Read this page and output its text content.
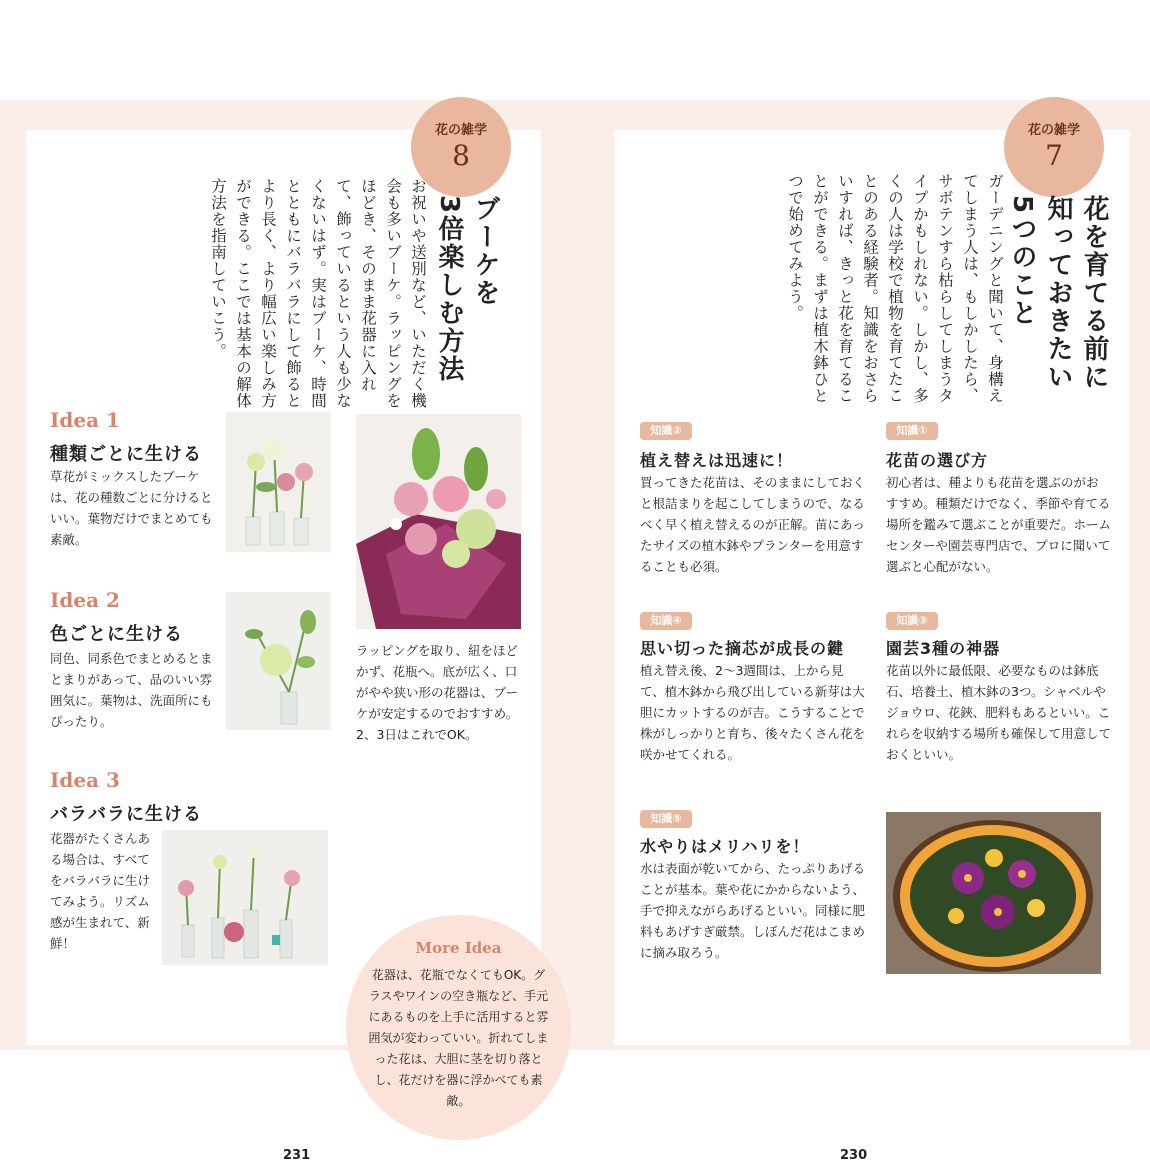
花の雑学
8
ブーケを
3倍楽しむ方法

お祝いや送別など、いただく機会も多いブーケ。ラッピングをほどき、そのまま花器に入れて、飾っているという人も少なくないはず。実はブーケ、時間とともにバラバラにして飾るとより長く、より幅広い楽しみ方ができる。ここでは基本の解体方法を指南していこう。

Idea 1
種類ごとに生ける

草花がミックスしたブーケは、花の種数ごとに分けるといい。葉物だけでまとめても素敵。

Idea 2
色ごとに生ける

同色、同系色でまとめるとまとまりがあって、品のいい雰囲気に。葉物は、洗面所にもぴったり。

ラッピングを取り、紐をほどかず、花瓶へ。底が広く、口がやや狭い形の花器は、ブーケが安定するのでおすすめ。2、3日はこれでOK。

Idea 3
バラバラに生ける

花器がたくさんある場合は、すべてをバラバラに生けてみよう。リズム感が生まれて、新鮮！	More Idea
花器は、花瓶でなくてもOK。グラスやワインの空き瓶など、手元にあるものを上手に活用すると雰囲気が変わっていい。折れてしまった花は、大胆に茎を切り落とし、花だけを器に浮かべても素敵。
231
花の雑学
7
花を育てる前に
知っておきたい
5つのこと

ガーデニングと聞いて、身構えてしまう人は、もしかしたら、サボテンすら枯らしてしまうタイプかもしれない。しかし、多くの人は学校で植物を育てたことのある経験者。知識をおさらいすれば、きっと花を育てることができる。まずは植木鉢ひとつで始めてみよう。

知識①
花苗の選び方

初心者は、種よりも花苗を選ぶのがおすすめ。種類だけでなく、季節や育てる場所を鑑みて選ぶことが重要だ。ホームセンターや園芸専門店で、プロに聞いて選ぶと心配がない。

知識②
植え替えは迅速に！

買ってきた花苗は、そのままにしておくと根詰まりを起こしてしまうので、なるべく早く植え替えるのが正解。苗にあったサイズの植木鉢やプランターを用意することも必須。

知識③
園芸3種の神器

花苗以外に最低限、必要なものは鉢底石、培養土、植木鉢の3つ。シャベルやジョウロ、花鋏、肥料もあるといい。これらを収納する場所も確保して用意しておくといい。

知識④
思い切った摘芯が成長の鍵

植え替え後、2〜3週間は、上から見て、植木鉢から飛び出している新芽は大胆にカットするのが吉。こうすることで株がしっかりと育ち、後々たくさん花を咲かせてくれる。

知識⑤
水やりはメリハリを！

水は表面が乾いてから、たっぷりあげることが基本。葉や花にかからないよう、手で抑えながらあげるといい。同様に肥料もあげすぎ厳禁。しぼんだ花はこまめに摘み取ろう。

230
